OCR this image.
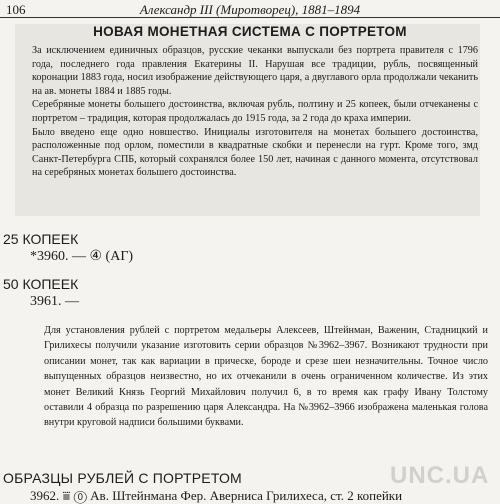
106	Александр III (Миротворец), 1881–1894
НОВАЯ МОНЕТНАЯ СИСТЕМА С ПОРТРЕТОМ

За исключением единичных образцов, русские чеканки выпускали без портрета правителя с 1796 года, последнего года правления Екатерины II. Нарушая все традиции, рубль, посвященный коронации 1883 года, носил изображение действующего царя, а двуглавого орла продолжали чеканить на ав. монеты 1884 и 1885 годы.

Серебряные монеты большего достоинства, включая рубль, полтину и 25 копеек, были отчеканены с портретом – традиция, которая продолжалась до 1915 года, за 2 года до краха империи.

Было введено еще одно новшество. Инициалы изготовителя на монетах большего достоинства, расположенные под орлом, поместили в квадратные скобки и перенесли на гурт. Кроме того, змд Санкт-Петербурга СПБ, который сохранялся более 150 лет, начиная с данного момента, отсутствовал на серебряных монетах большего достоинства.

25 КОПЕЕК
*3960. — ④ (АГ)
50 КОПЕЕК
3961. —
Для установления рублей с портретом медальеры Алексеев, Штейнман, Важенин, Стадницкий и Грилихесы получили указание изготовить серии образцов №3962–3967. Возникают трудности при описании монет, так как вариации в прическе, бороде и срезе шеи незначительны. Точное число выпущенных образцов неизвестно, но их отчеканили в очень ограниченном количестве. Из этих монет Великий Князь Георгий Михайлович получил 6, в то время как графу Ивану Толстому оставили 4 образца по разрешению царя Александра. На №3962–3966 изображена маленькая голова внутри круговой надписи большими буквами.
ОБРАЗЦЫ РУБЛЕЙ С ПОРТРЕТОМ
3962. ⩸ ⓪ Ав. Штейнмана Фер. Аверниса Грилихеса, ст. 2 копейки
UNC.UA
